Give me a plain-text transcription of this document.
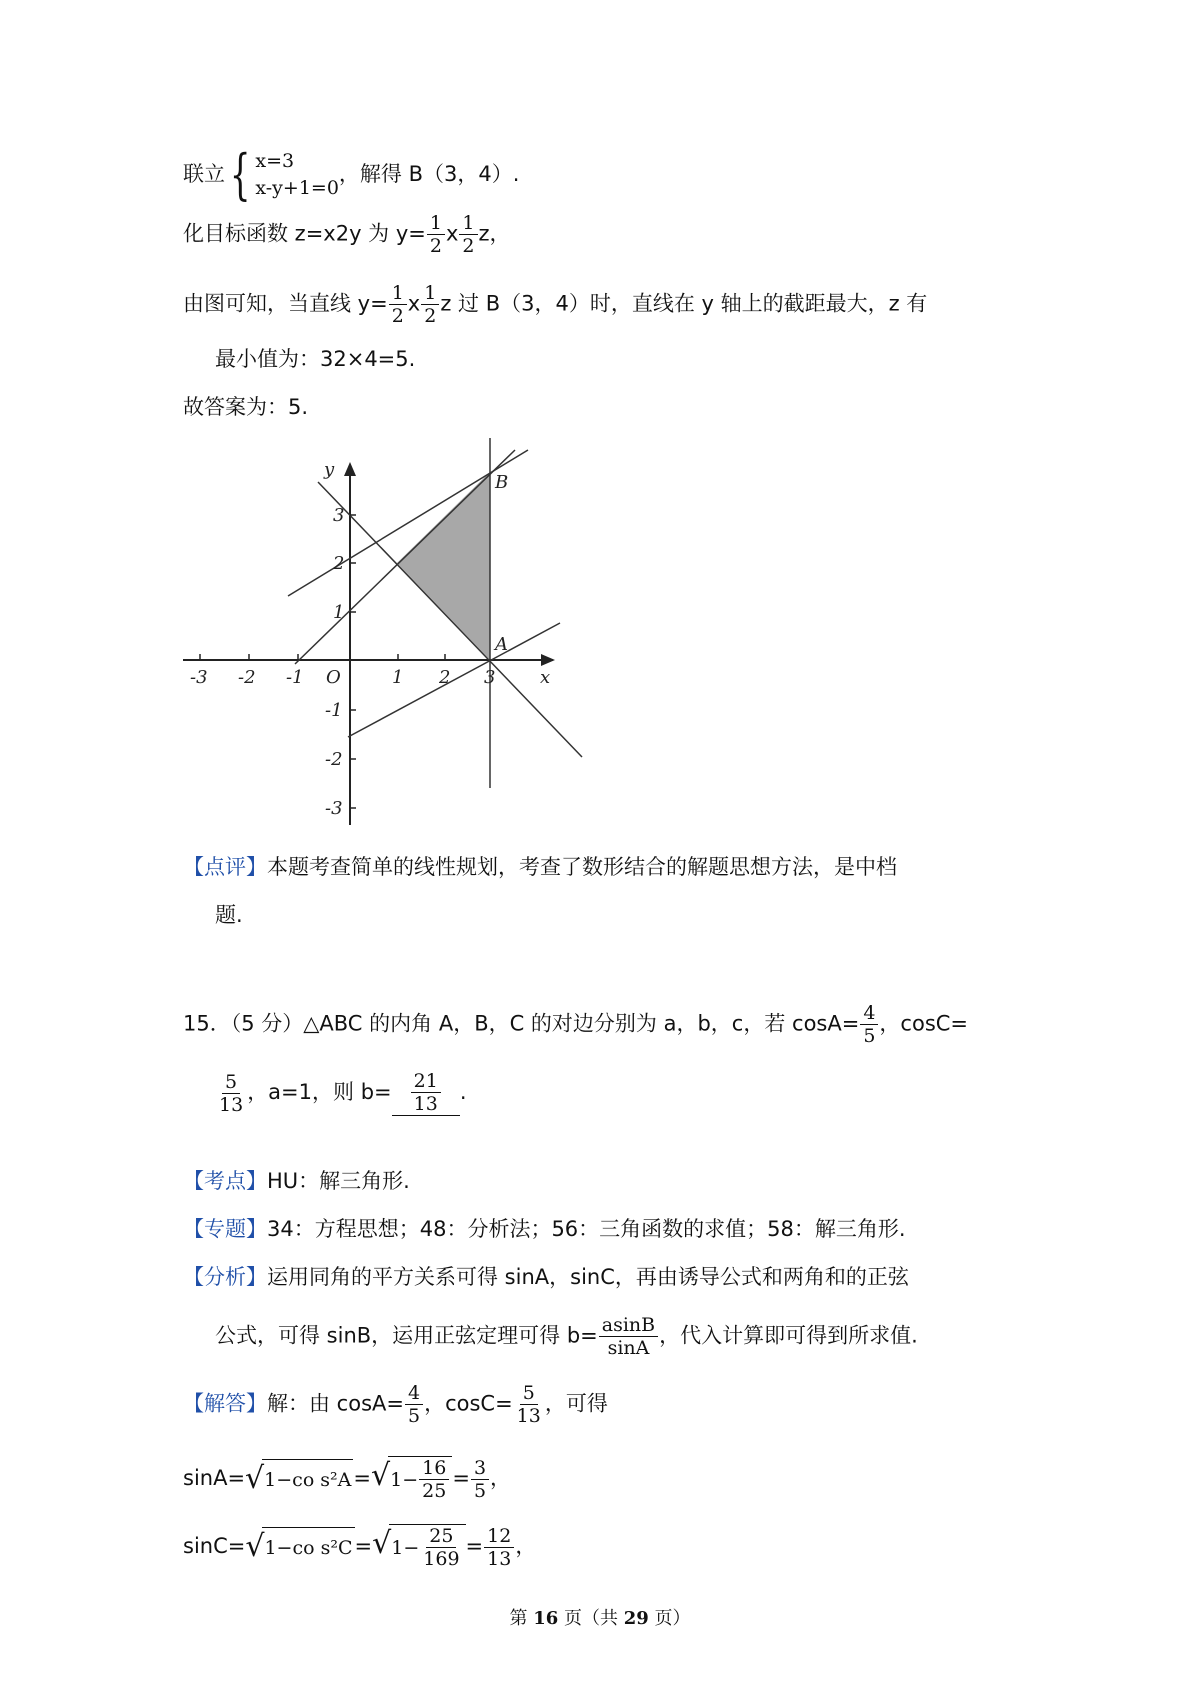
联立 { x=3
x-y+1=0
，解得 B（3，4）.
化目标函数 z=x⁦2y 为 $y= \frac{1}{2}$ x⁦ $\frac{1}{2}$ z，
由图可知，当直线 $y= \frac{1}{2}$ x⁦ $\frac{1}{2}$ z 过 B（3，4）时，直线在 y 轴上的截距最大，z 有
最小值为：3⁦2×4=⁦5.
故答案为：⁦5.
-3 -2 -1 O	1 2 3 x
1
2
3
-1
-2
-3
y
B
A
【点评】本题考查简单的线性规划，考查了数形结合的解题思想方法，是中档
题.
15．（5 分）△ABC 的内角 A，B，C 的对边分别为 a，b，c，若 $\cos A= \frac{4}{5}$ ，cosC=
$\frac{5}{13}$ ，a=1，则 $b= \frac{21}{13}$ .
【考点】HU：解三角形.
【专题】34：方程思想；48：分析法；56：三角函数的求值；58：解三角形.
【分析】运用同角的平方关系可得 sinA，sinC，再由诱导公式和两角和的正弦
公式，可得 sinB，运用正弦定理可得 $b= \frac{asinB}{\sin A}$ ，代入计算即可得到所求值.
【解答】解：由 $\cos A= \frac{4}{5}$ ，$\cos C= \frac{5}{13}$ ，可得
sinA= √ 1−co s²A = √ $1- \frac{16}{25} = \frac{3}{5}$ ，
sinC= √ 1−co s²C = √ $1- \frac{25}{169} = \frac{12}{13}$ ，
第 16 页（共 29 页）
